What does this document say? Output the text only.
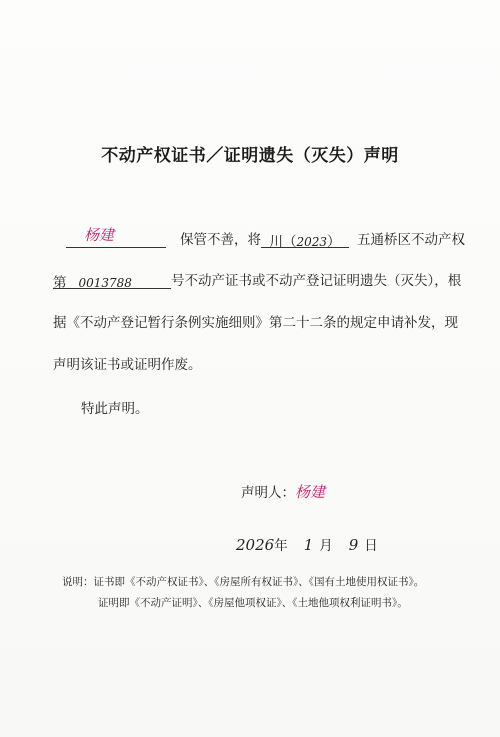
不动产权证书／证明遗失（灭失）声明
杨建	保管不善，将 川（2023） 五通桥区不动产权
第 0013788	号不动产证书或不动产登记证明遗失（灭失），根
据《不动产登记暂行条例实施细则》第二十二条的规定申请补发，现
声明该证书或证明作废。
特此声明。
声明人：杨建
2026年 1 月 9 日
说明：证书即《不动产权证书》、《房屋所有权证书》、《国有土地使用权证书》。
证明即《不动产证明》、《房屋他项权证》、《土地他项权利证明书》。
